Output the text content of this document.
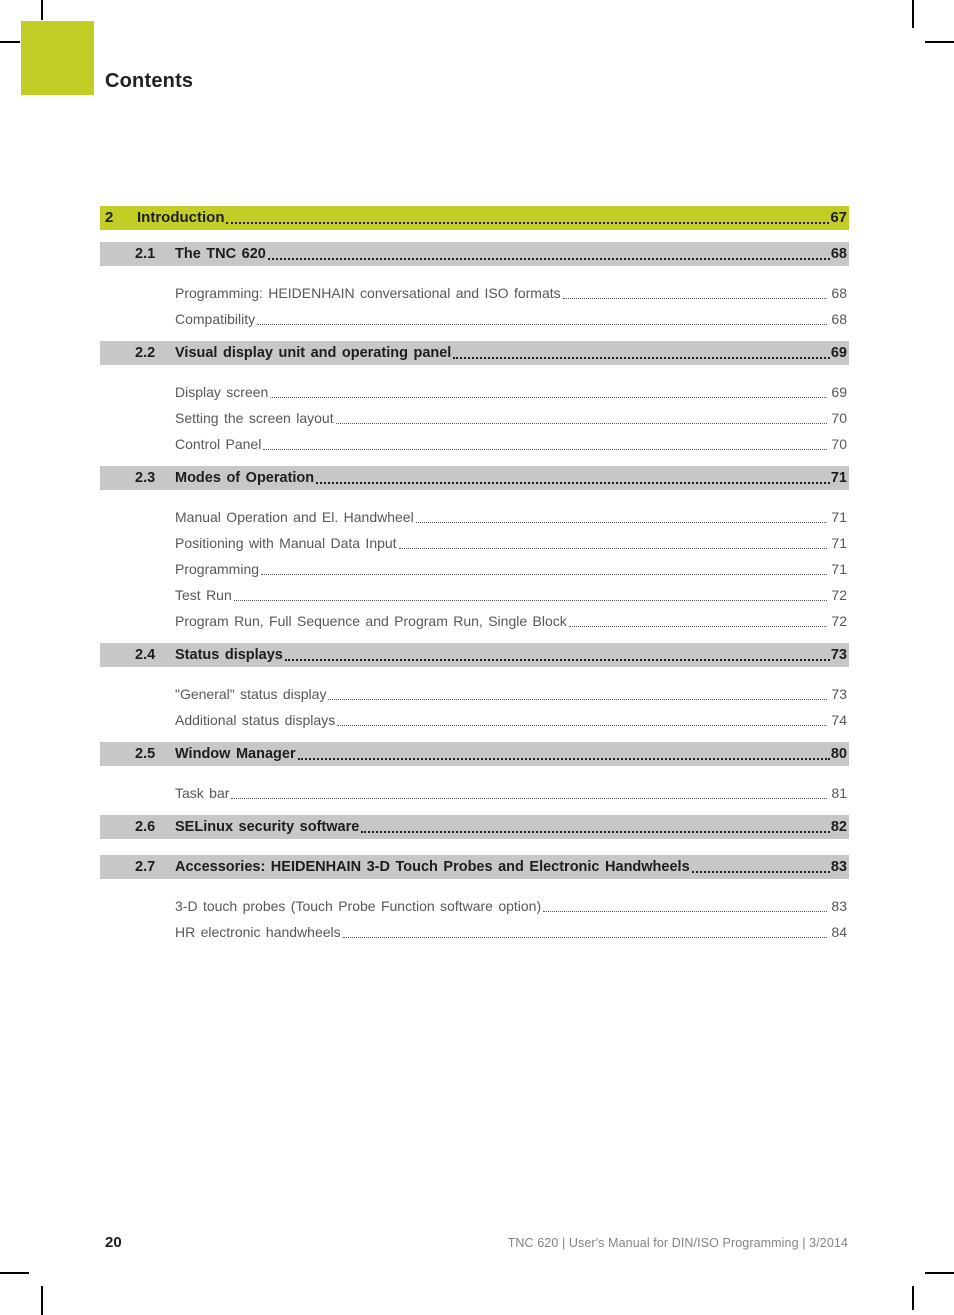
Contents
2	Introduction	67
2.1	The TNC 620	68
Programming: HEIDENHAIN conversational and ISO formats	68
Compatibility	68
2.2	Visual display unit and operating panel	69
Display screen	69
Setting the screen layout	70
Control Panel	70
2.3	Modes of Operation	71
Manual Operation and El. Handwheel	71
Positioning with Manual Data Input	71
Programming	71
Test Run	72
Program Run, Full Sequence and Program Run, Single Block	72
2.4	Status displays	73
"General" status display	73
Additional status displays	74
2.5	Window Manager	80
Task bar	81
2.6	SELinux security software	82
2.7	Accessories: HEIDENHAIN 3-D Touch Probes and Electronic Handwheels	83
3-D touch probes (Touch Probe Function software option)	83
HR electronic handwheels	84
20	TNC 620 | User's Manual for DIN/ISO Programming | 3/2014
